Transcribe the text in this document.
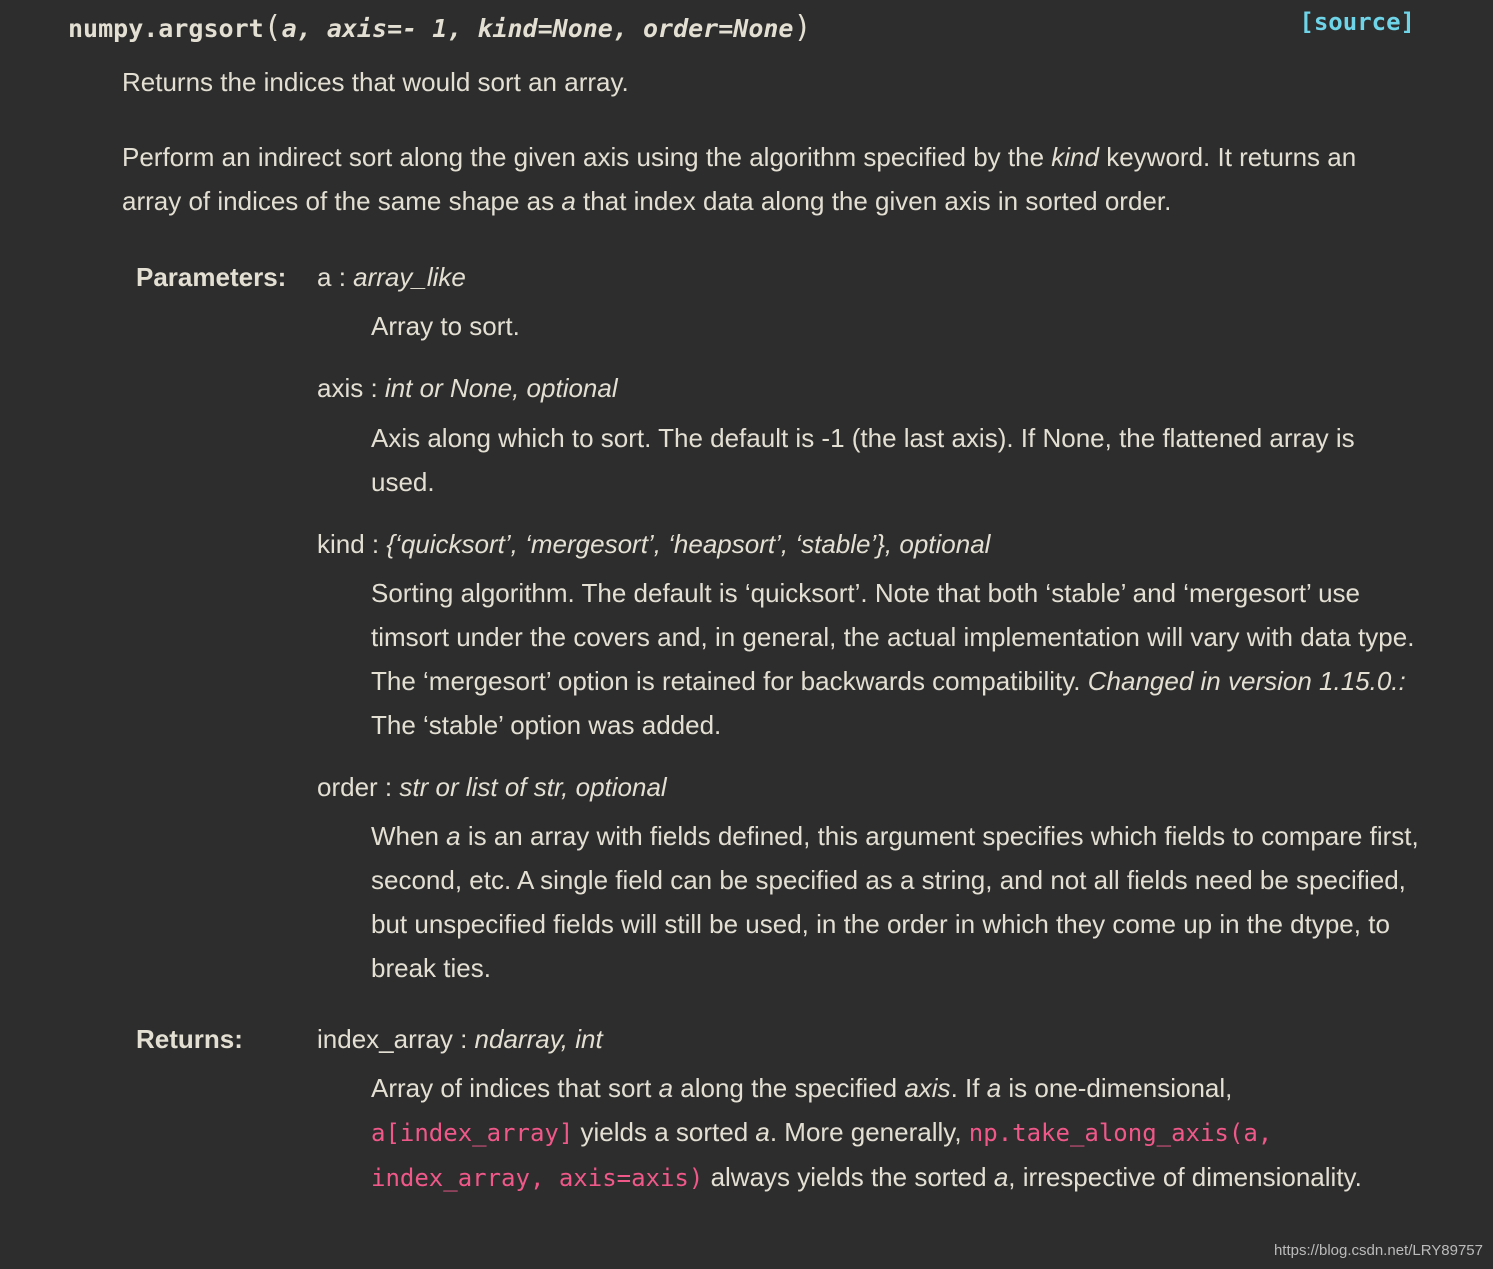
numpy.argsort(a, axis=- 1, kind=None, order=None)	[source]
Returns the indices that would sort an array.
Perform an indirect sort along the given axis using the algorithm specified by the kind keyword. It returns an array of indices of the same shape as a that index data along the given axis in sorted order.
Parameters: a : array_like
Array to sort.
axis : int or None, optional
Axis along which to sort. The default is -1 (the last axis). If None, the flattened array is used.
kind : {‘quicksort’, ‘mergesort’, ‘heapsort’, ‘stable’}, optional
Sorting algorithm. The default is ‘quicksort’. Note that both ‘stable’ and ‘mergesort’ use timsort under the covers and, in general, the actual implementation will vary with data type. The ‘mergesort’ option is retained for backwards compatibility. Changed in version 1.15.0.: The ‘stable’ option was added.
order : str or list of str, optional
When a is an array with fields defined, this argument specifies which fields to compare first, second, etc. A single field can be specified as a string, and not all fields need be specified, but unspecified fields will still be used, in the order in which they come up in the dtype, to break ties.
Returns:	index_array : ndarray, int
Array of indices that sort a along the specified axis. If a is one-dimensional, a[index_array] yields a sorted a. More generally, np.take_along_axis(a, index_array, axis=axis) always yields the sorted a, irrespective of dimensionality.
https://blog.csdn.net/LRY89757
